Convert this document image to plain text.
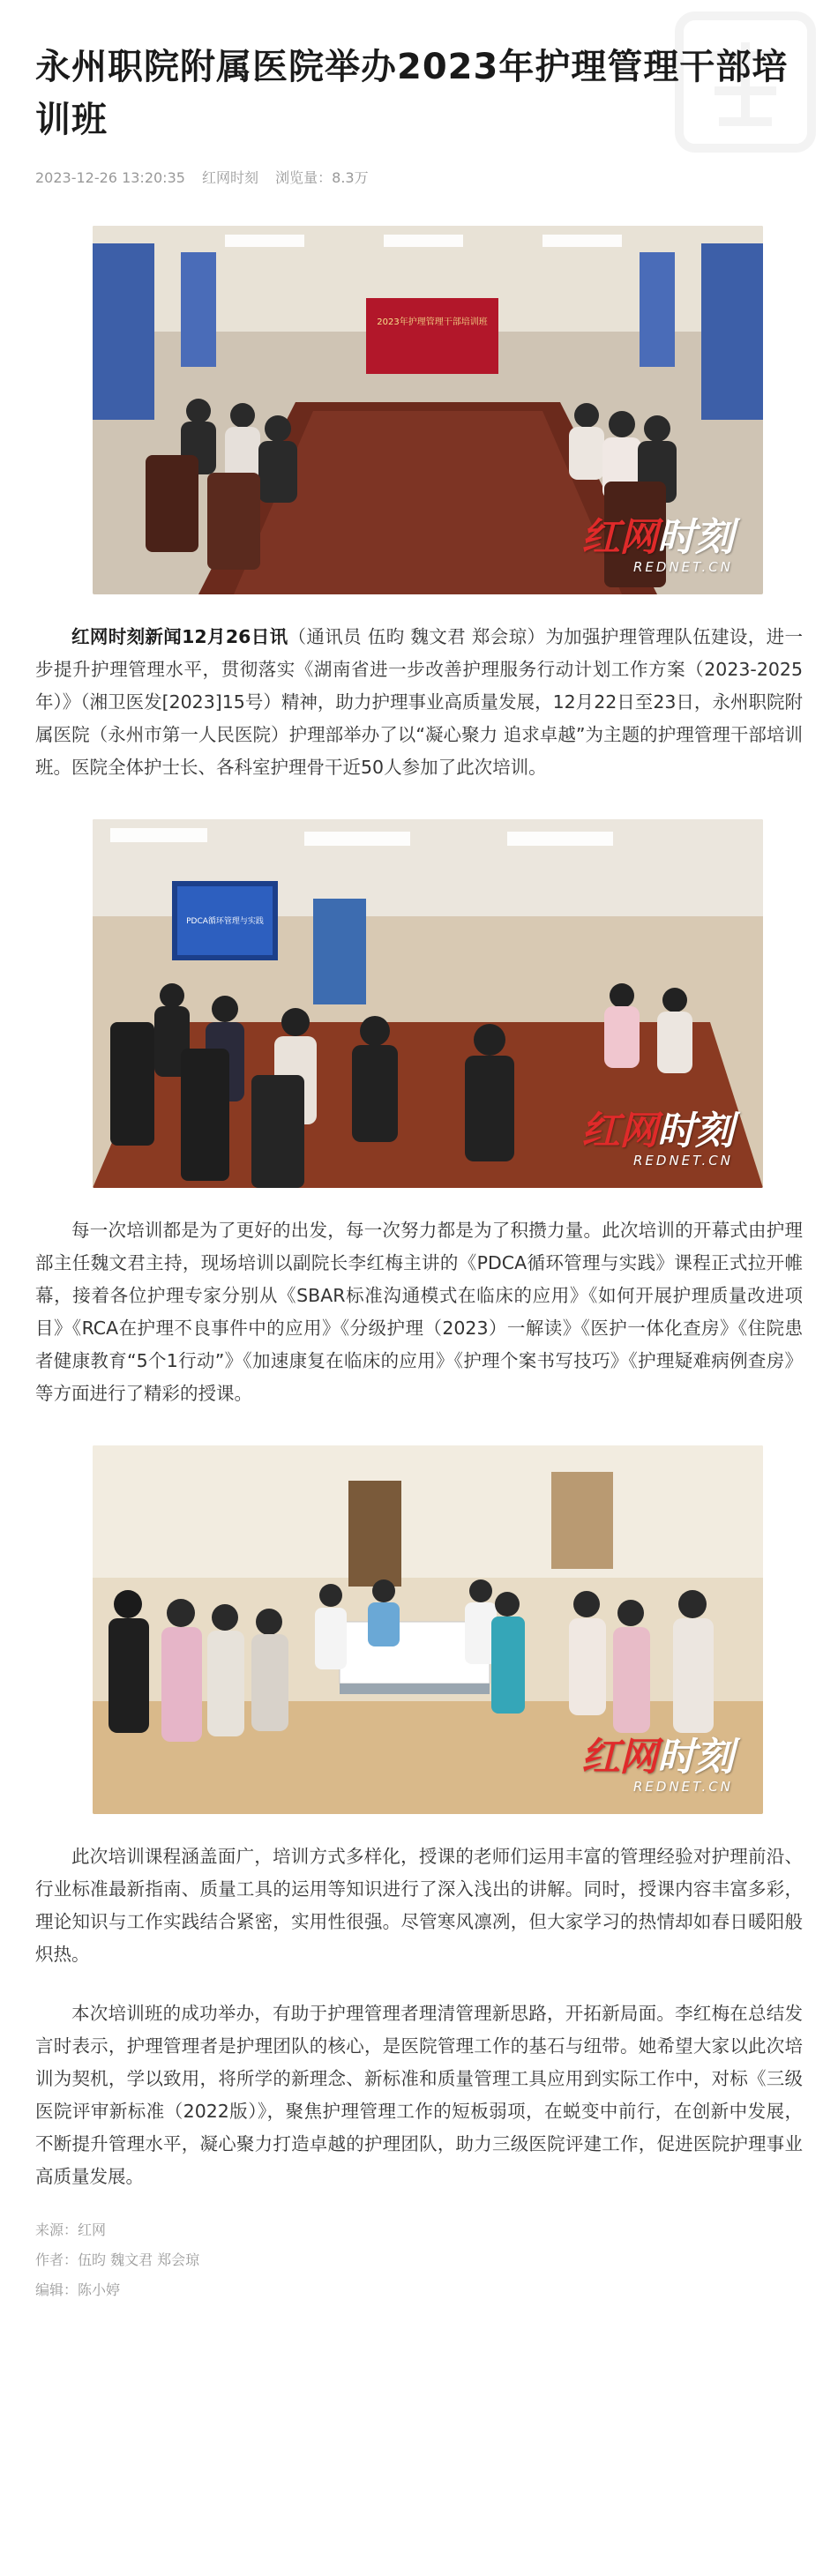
永州职院附属医院举办2023年护理管理干部培训班
2023-12-26 13:20:35 红网时刻 浏览量：8.3万
2023年护理管理干部培训班
红网时刻
REDNET.CN

红网时刻新闻12月26日讯（通讯员 伍昀 魏文君 郑会琼）为加强护理管理队伍建设，进一步提升护理管理水平，贯彻落实《湖南省进一步改善护理服务行动计划工作方案（2023-2025年）》（湘卫医发[2023]15号）精神，助力护理事业高质量发展，12月22日至23日，永州职院附属医院（永州市第一人民医院）护理部举办了以“凝心聚力 追求卓越”为主题的护理管理干部培训班。医院全体护士长、各科室护理骨干近50人参加了此次培训。

PDCA循环管理与实践
红网时刻
REDNET.CN

每一次培训都是为了更好的出发，每一次努力都是为了积攒力量。此次培训的开幕式由护理部主任魏文君主持，现场培训以副院长李红梅主讲的《PDCA循环管理与实践》课程正式拉开帷幕，接着各位护理专家分别从《SBAR标准沟通模式在临床的应用》《如何开展护理质量改进项目》《RCA在护理不良事件中的应用》《分级护理（2023）一解读》《医护一体化查房》《住院患者健康教育“5个1行动”》《加速康复在临床的应用》《护理个案书写技巧》《护理疑难病例查房》等方面进行了精彩的授课。

红网时刻
REDNET.CN

此次培训课程涵盖面广，培训方式多样化，授课的老师们运用丰富的管理经验对护理前沿、行业标准最新指南、质量工具的运用等知识进行了深入浅出的讲解。同时，授课内容丰富多彩，理论知识与工作实践结合紧密，实用性很强。尽管寒风凛冽，但大家学习的热情却如春日暖阳般炽热。

本次培训班的成功举办，有助于护理管理者理清管理新思路，开拓新局面。李红梅在总结发言时表示，护理管理者是护理团队的核心，是医院管理工作的基石与纽带。她希望大家以此次培训为契机，学以致用，将所学的新理念、新标准和质量管理工具应用到实际工作中，对标《三级医院评审新标准（2022版）》，聚焦护理管理工作的短板弱项，在蜕变中前行，在创新中发展，不断提升管理水平，凝心聚力打造卓越的护理团队，助力三级医院评建工作，促进医院护理事业高质量发展。

来源：红网
作者：伍昀 魏文君 郑会琼
编辑：陈小婷
